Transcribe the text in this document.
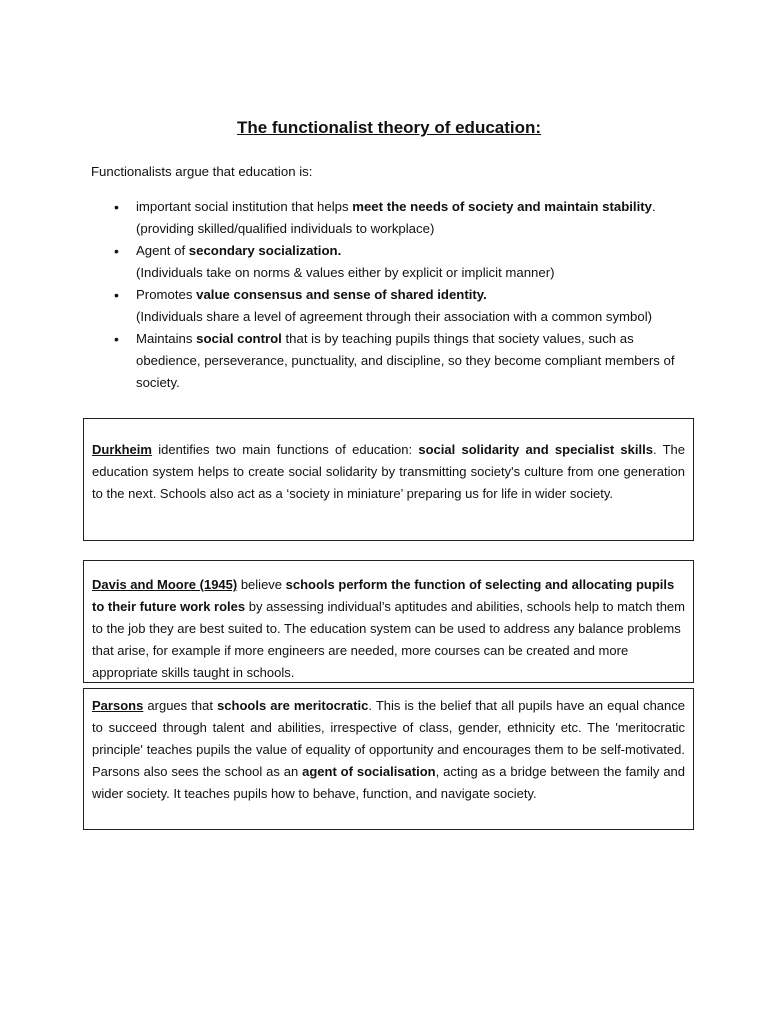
The functionalist theory of education:

Functionalists argue that education is:

• important social institution that helps meet the needs of society and maintain stability.
(providing skilled/qualified individuals to workplace)
• Agent of secondary socialization.
(Individuals take on norms & values either by explicit or implicit manner)
• Promotes value consensus and sense of shared identity.
(Individuals share a level of agreement through their association with a common symbol)
• Maintains social control that is by teaching pupils things that society values, such as obedience, perseverance, punctuality, and discipline, so they become compliant members of society.

Durkheim identifies two main functions of education: social solidarity and specialist skills. The education system helps to create social solidarity by transmitting society's culture from one generation to the next. Schools also act as a ‘society in miniature’ preparing us for life in wider society.

Davis and Moore (1945) believe schools perform the function of selecting and allocating pupils to their future work roles by assessing individual’s aptitudes and abilities, schools help to match them to the job they are best suited to. The education system can be used to address any balance problems that arise, for example if more engineers are needed, more courses can be created and more appropriate skills taught in schools.

Parsons argues that schools are meritocratic. This is the belief that all pupils have an equal chance to succeed through talent and abilities, irrespective of class, gender, ethnicity etc. The 'meritocratic principle' teaches pupils the value of equality of opportunity and encourages them to be self-motivated. Parsons also sees the school as an agent of socialisation, acting as a bridge between the family and wider society. It teaches pupils how to behave, function, and navigate society.
